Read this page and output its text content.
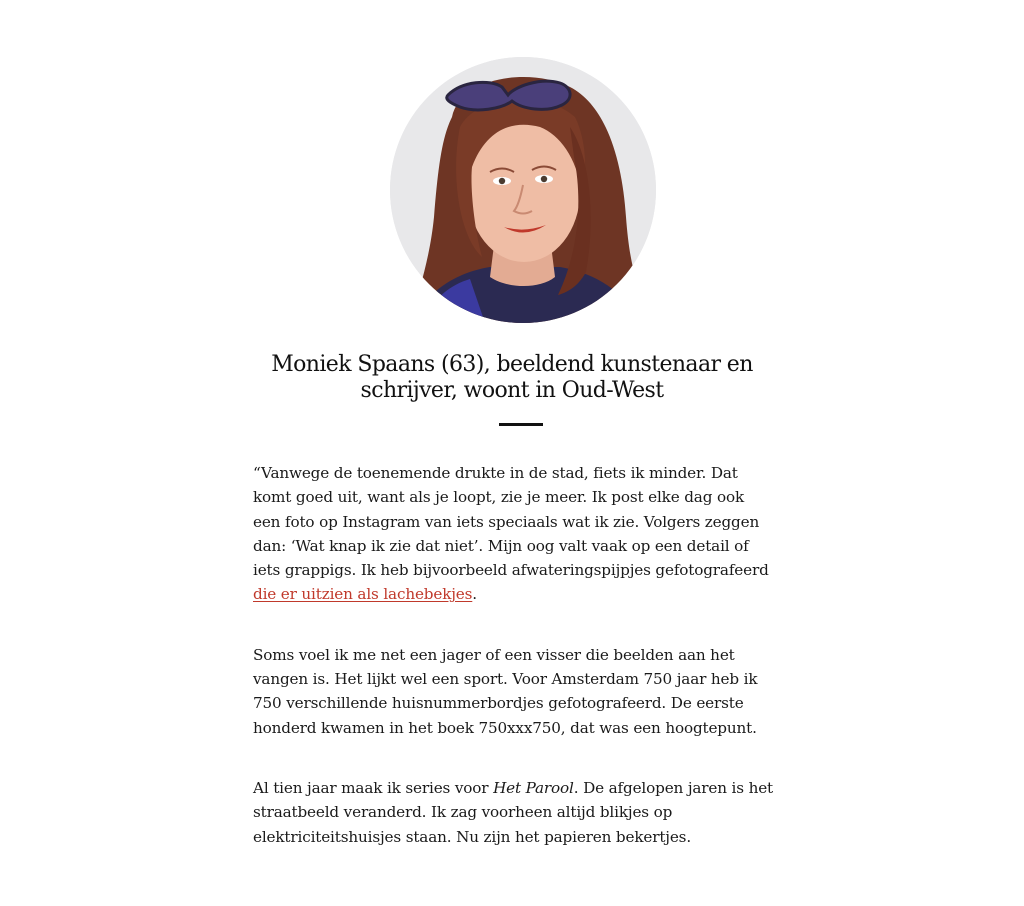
Moniek Spaans (63), beeldend kunstenaar en
schrijver, woont in Oud-West

“Vanwege de toenemende drukte in de stad, fiets ik minder. Dat
komt goed uit, want als je loopt, zie je meer. Ik post elke dag ook
een foto op Instagram van iets speciaals wat ik zie. Volgers zeggen
dan: ‘Wat knap ik zie dat niet’. Mijn oog valt vaak op een detail of
iets grappigs. Ik heb bijvoorbeeld afwateringspijpjes gefotografeerd
die er uitzien als lachebekjes.

Soms voel ik me net een jager of een visser die beelden aan het
vangen is. Het lijkt wel een sport. Voor Amsterdam 750 jaar heb ik
750 verschillende huisnummerbordjes gefotografeerd. De eerste
honderd kwamen in het boek 750xxx750, dat was een hoogtepunt.

Al tien jaar maak ik series voor Het Parool. De afgelopen jaren is het
straatbeeld veranderd. Ik zag voorheen altijd blikjes op
elektriciteitshuisjes staan. Nu zijn het papieren bekertjes.
